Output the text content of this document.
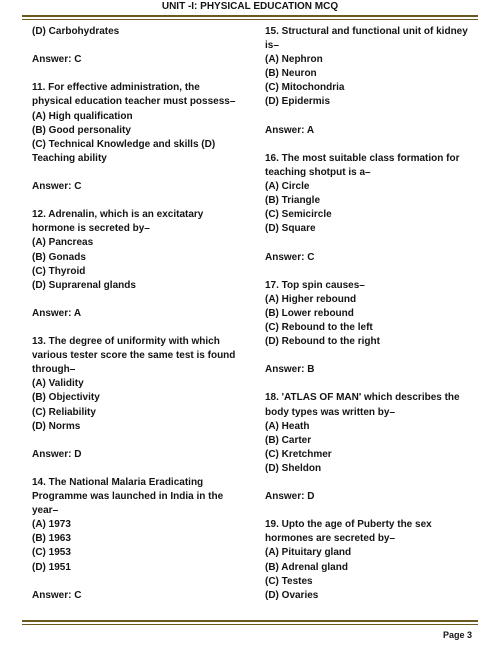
UNIT -I: PHYSICAL EDUCATION MCQ

(D) Carbohydrates

Answer: C

11. For effective administration, the

physical education teacher must possess–

(A) High qualification

(B) Good personality

(C) Technical Knowledge and skills (D)

Teaching ability

Answer: C

12. Adrenalin, which is an excitatary

hormone is secreted by–

(A) Pancreas

(B) Gonads

(C) Thyroid

(D) Suprarenal glands

Answer: A

13. The degree of uniformity with which

various tester score the same test is found

through–

(A) Validity

(B) Objectivity

(C) Reliability

(D) Norms

Answer: D

14. The National Malaria Eradicating

Programme was launched in India in the

year–

(A) 1973

(B) 1963

(C) 1953

(D) 1951

Answer: C

15. Structural and functional unit of kidney

is–

(A) Nephron

(B) Neuron

(C) Mitochondria

(D) Epidermis

Answer: A

16. The most suitable class formation for

teaching shotput is a–

(A) Circle

(B) Triangle

(C) Semicircle

(D) Square

Answer: C

17. Top spin causes–

(A) Higher rebound

(B) Lower rebound

(C) Rebound to the left

(D) Rebound to the right

Answer: B

18. 'ATLAS OF MAN' which describes the

body types was written by–

(A) Heath

(B) Carter

(C) Kretchmer

(D) Sheldon

Answer: D

19. Upto the age of Puberty the sex

hormones are secreted by–

(A) Pituitary gland

(B) Adrenal gland

(C) Testes

(D) Ovaries

Page 3
